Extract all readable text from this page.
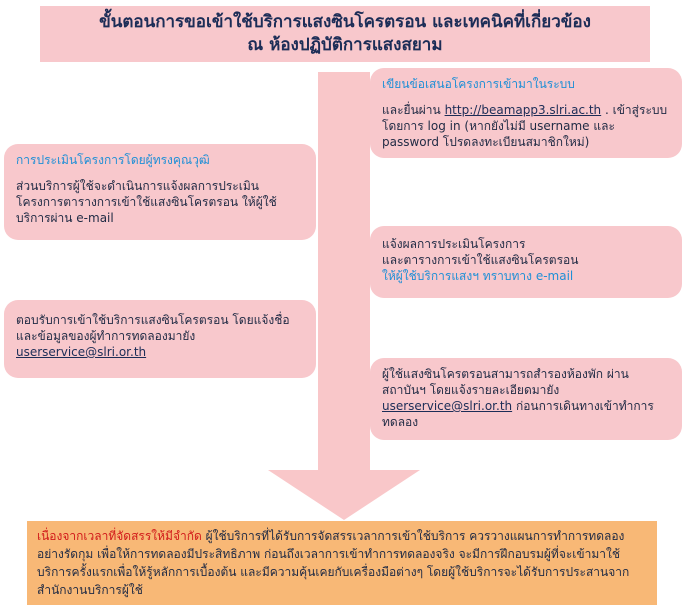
ขั้นตอนการขอเข้าใช้บริการแสงซินโครตรอน และเทคนิคที่เกี่ยวข้อง
ณ ห้องปฏิบัติการแสงสยาม

เขียนข้อเสนอโครงการเข้ามาในระบบ

และยื่นผ่าน http://beamapp3.slri.ac.th . เข้าสู่ระบบ โดยการ log in (หากยังไม่มี username และ password โปรดลงทะเบียนสมาชิกใหม่)

การประเมินโครงการโดยผู้ทรงคุณวุฒิ

ส่วนบริการผู้ใช้จะดำเนินการแจ้งผลการประเมินโครงการตารางการเข้าใช้แสงซินโครตรอน ให้ผู้ใช้บริการผ่าน e-mail

แจ้งผลการประเมินโครงการ

และตารางการเข้าใช้แสงซินโครตรอน

ให้ผู้ใช้บริการแสงฯ ทราบทาง e-mail

ตอบรับการเข้าใช้บริการแสงซินโครตรอน โดยแจ้งชื่อ และข้อมูลของผู้ทำการทดลองมายัง userservice@slri.or.th

ผู้ใช้แสงซินโครตรอนสามารถสำรองห้องพัก ผ่านสถาบันฯ โดยแจ้งรายละเอียดมายัง userservice@slri.or.th ก่อนการเดินทางเข้าทำการทดลอง

เนื่องจากเวลาที่จัดสรรให้มีจำกัด ผู้ใช้บริการที่ได้รับการจัดสรรเวลาการเข้าใช้บริการ ควรวางแผนการทำการทดลองอย่างรัดกุม เพื่อให้การทดลองมีประสิทธิภาพ ก่อนถึงเวลาการเข้าทำการทดลองจริง จะมีการฝึกอบรมผู้ที่จะเข้ามาใช้บริการครั้งแรกเพื่อให้รู้หลักการเบื้องต้น และมีความคุ้นเคยกับเครื่องมือต่างๆ โดยผู้ใช้บริการจะได้รับการประสานจากสำนักงานบริการผู้ใช้
